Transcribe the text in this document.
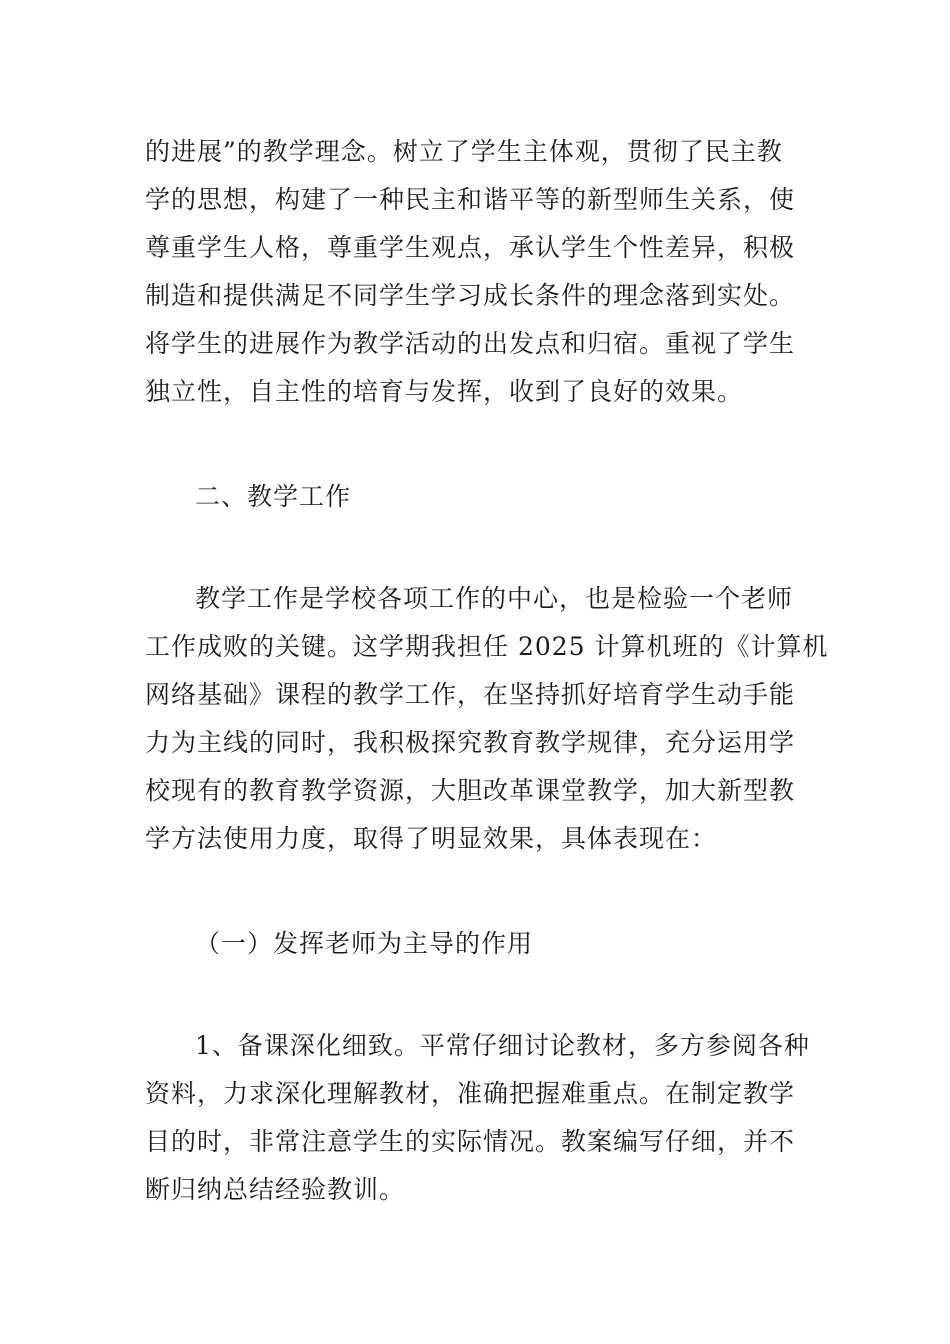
的进展”的教学理念。树立了学生主体观，贯彻了民主教
学的思想，构建了一种民主和谐平等的新型师生关系，使
尊重学生人格，尊重学生观点，承认学生个性差异，积极
制造和提供满足不同学生学习成长条件的理念落到实处。
将学生的进展作为教学活动的出发点和归宿。重视了学生
独立性，自主性的培育与发挥，收到了良好的效果。
二、教学工作
教学工作是学校各项工作的中心，也是检验一个老师
工作成败的关键。这学期我担任 2025 计算机班的《计算机
网络基础》课程的教学工作，在坚持抓好培育学生动手能
力为主线的同时，我积极探究教育教学规律，充分运用学
校现有的教育教学资源，大胆改革课堂教学，加大新型教
学方法使用力度，取得了明显效果，具体表现在：
（一）发挥老师为主导的作用
1、备课深化细致。平常仔细讨论教材，多方参阅各种
资料，力求深化理解教材，准确把握难重点。在制定教学
目的时，非常注意学生的实际情况。教案编写仔细，并不
断归纳总结经验教训。
